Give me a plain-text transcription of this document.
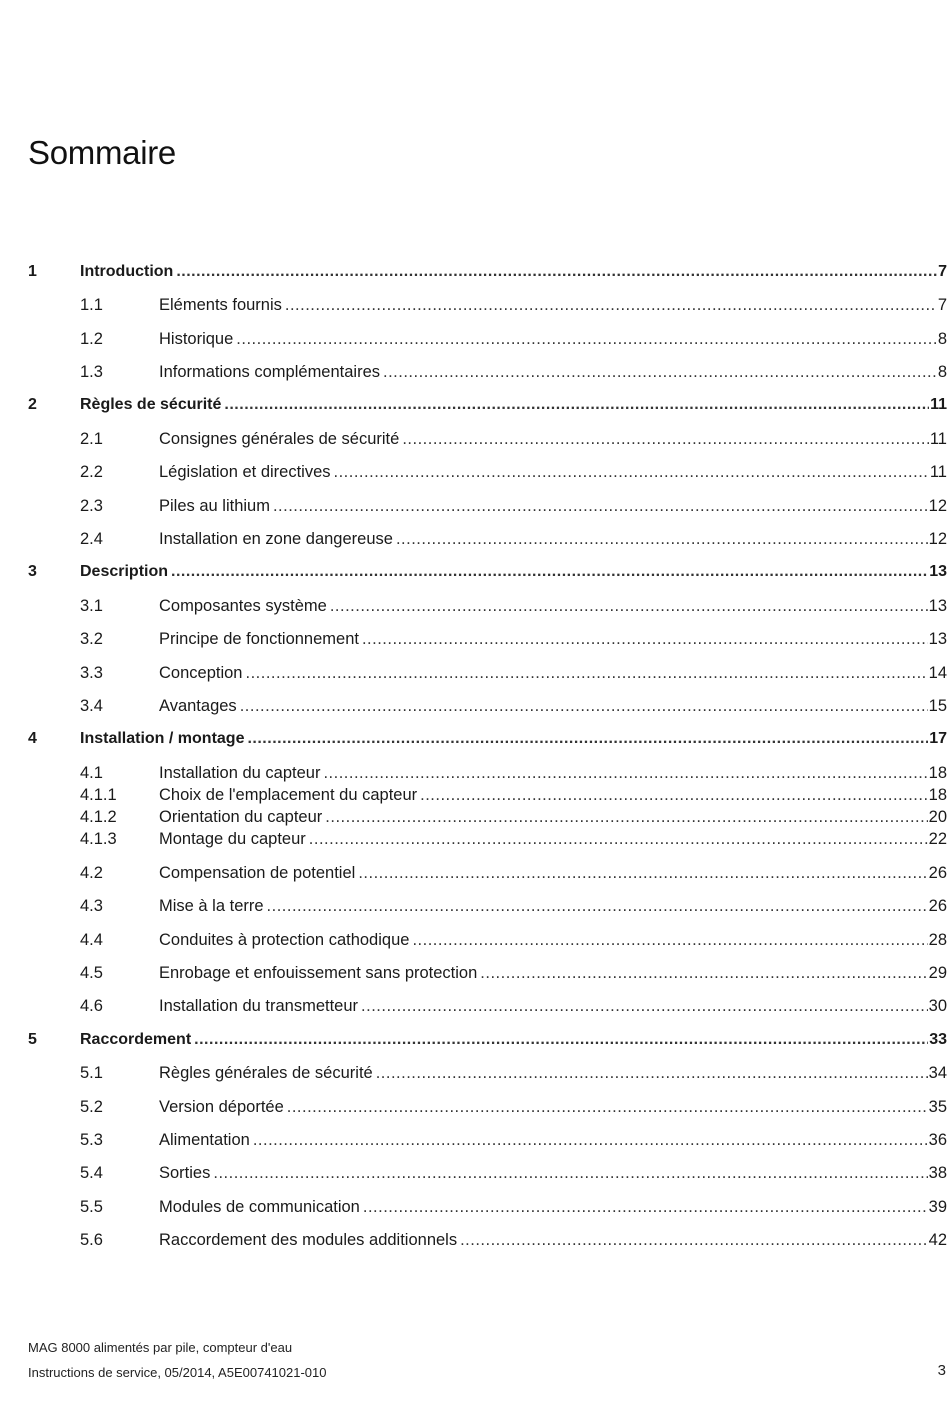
Sommaire
1	Introduction .....	7
1.1	Eléments fournis .....	7
1.2	Historique .....	8
1.3	Informations complémentaires .....	8
2	Règles de sécurité .....	11
2.1	Consignes générales de sécurité .....	11
2.2	Législation et directives .....	11
2.3	Piles au lithium .....	12
2.4	Installation en zone dangereuse .....	12
3	Description .....	13
3.1	Composantes système .....	13
3.2	Principe de fonctionnement .....	13
3.3	Conception .....	14
3.4	Avantages .....	15
4	Installation / montage .....	17
4.1	Installation du capteur .....	18
4.1.1	Choix de l'emplacement du capteur .....	18
4.1.2	Orientation du capteur .....	20
4.1.3	Montage du capteur .....	22
4.2	Compensation de potentiel .....	26
4.3	Mise à la terre .....	26
4.4	Conduites à protection cathodique .....	28
4.5	Enrobage et enfouissement sans protection .....	29
4.6	Installation du transmetteur .....	30
5	Raccordement .....	33
5.1	Règles générales de sécurité .....	34
5.2	Version déportée .....	35
5.3	Alimentation .....	36
5.4	Sorties .....	38
5.5	Modules de communication .....	39
5.6	Raccordement des modules additionnels .....	42
MAG 8000 alimentés par pile, compteur d'eau
Instructions de service, 05/2014, A5E00741021-010	3
